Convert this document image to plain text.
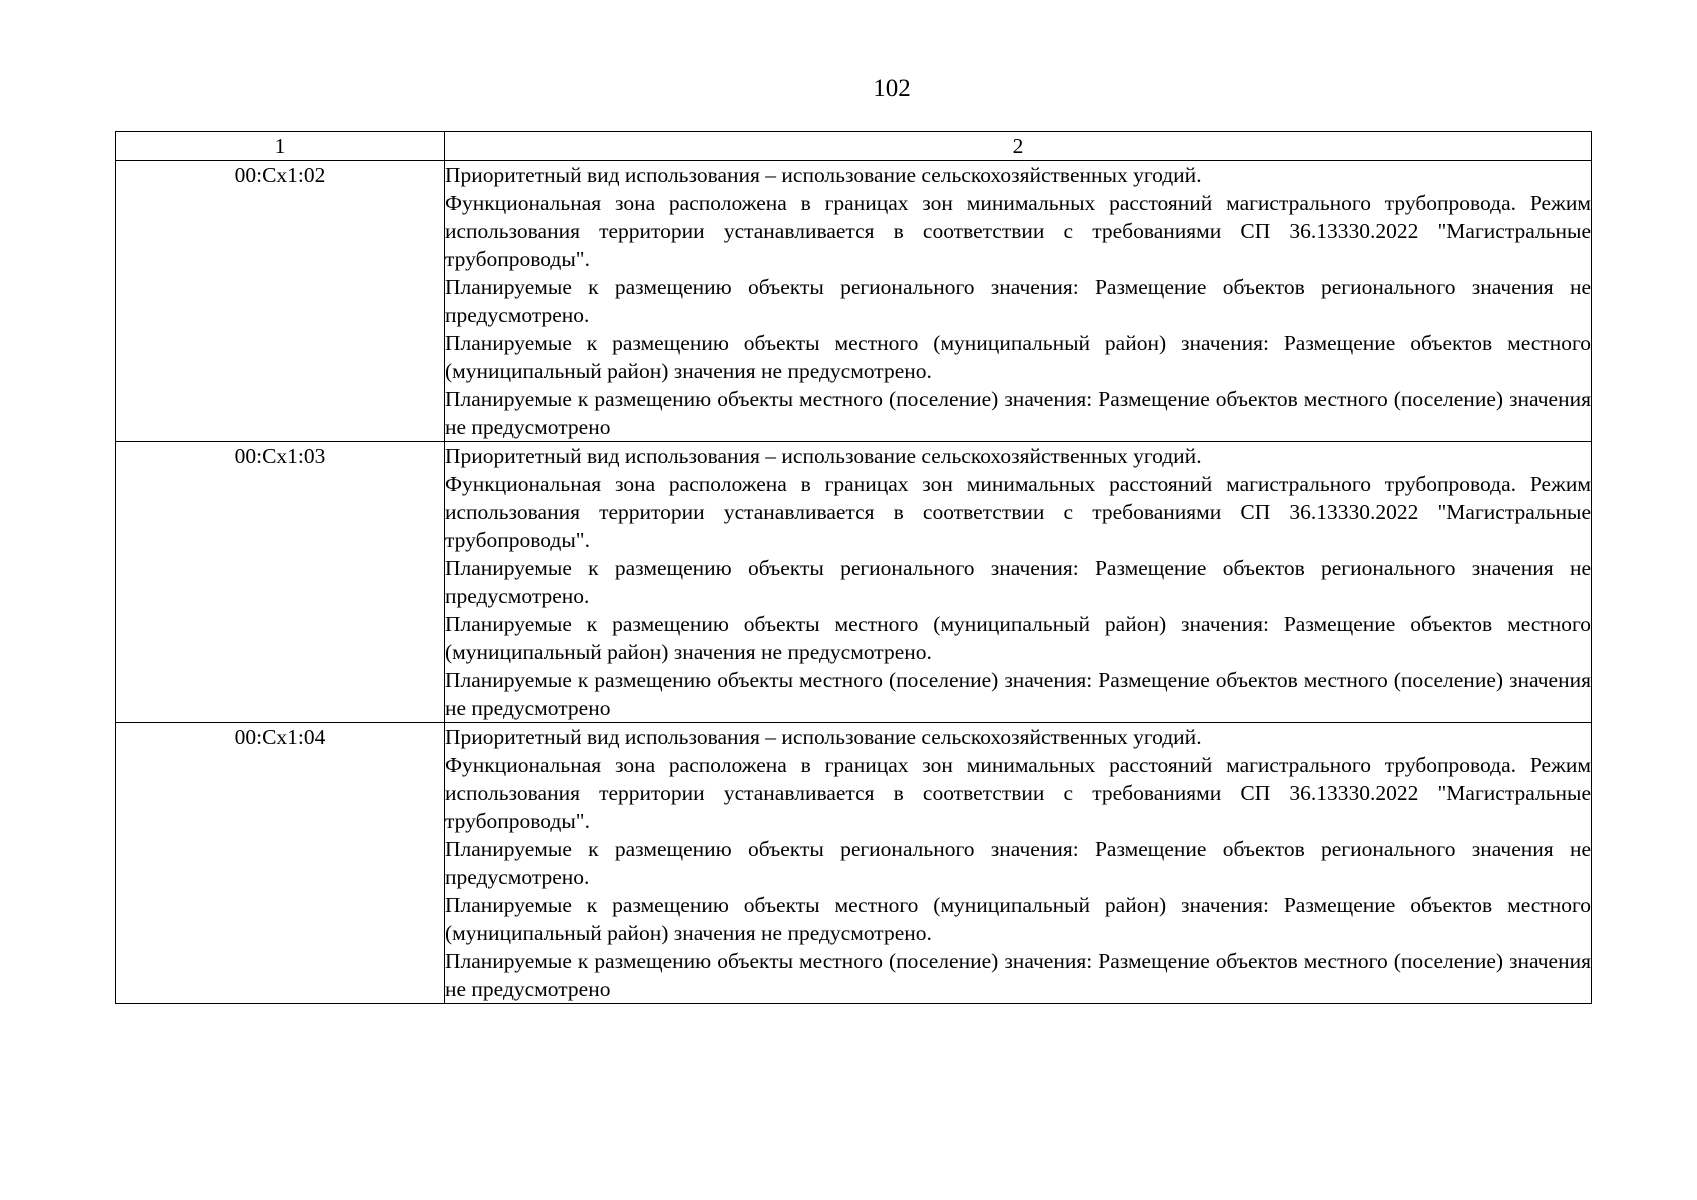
102
1	2
00:Cx1:02	Приоритетный вид использования – использование сельскохозяйственных угодий.
Функциональная зона расположена в границах зон минимальных расстояний магистрального трубопровода. Режим использования территории устанавливается в соответствии с требованиями СП 36.13330.2022 "Магистральные трубопроводы".
Планируемые к размещению объекты регионального значения: Размещение объектов регионального значения не предусмотрено.
Планируемые к размещению объекты местного (муниципальный район) значения: Размещение объектов местного (муниципальный район) значения не предусмотрено.
Планируемые к размещению объекты местного (поселение) значения: Размещение объектов местного (поселение) значения не предусмотрено

00:Cx1:03	Приоритетный вид использования – использование сельскохозяйственных угодий.
Функциональная зона расположена в границах зон минимальных расстояний магистрального трубопровода. Режим использования территории устанавливается в соответствии с требованиями СП 36.13330.2022 "Магистральные трубопроводы".
Планируемые к размещению объекты регионального значения: Размещение объектов регионального значения не предусмотрено.
Планируемые к размещению объекты местного (муниципальный район) значения: Размещение объектов местного (муниципальный район) значения не предусмотрено.
Планируемые к размещению объекты местного (поселение) значения: Размещение объектов местного (поселение) значения не предусмотрено

00:Cx1:04	Приоритетный вид использования – использование сельскохозяйственных угодий.
Функциональная зона расположена в границах зон минимальных расстояний магистрального трубопровода. Режим использования территории устанавливается в соответствии с требованиями СП 36.13330.2022 "Магистральные трубопроводы".
Планируемые к размещению объекты регионального значения: Размещение объектов регионального значения не предусмотрено.
Планируемые к размещению объекты местного (муниципальный район) значения: Размещение объектов местного (муниципальный район) значения не предусмотрено.
Планируемые к размещению объекты местного (поселение) значения: Размещение объектов местного (поселение) значения не предусмотрено
